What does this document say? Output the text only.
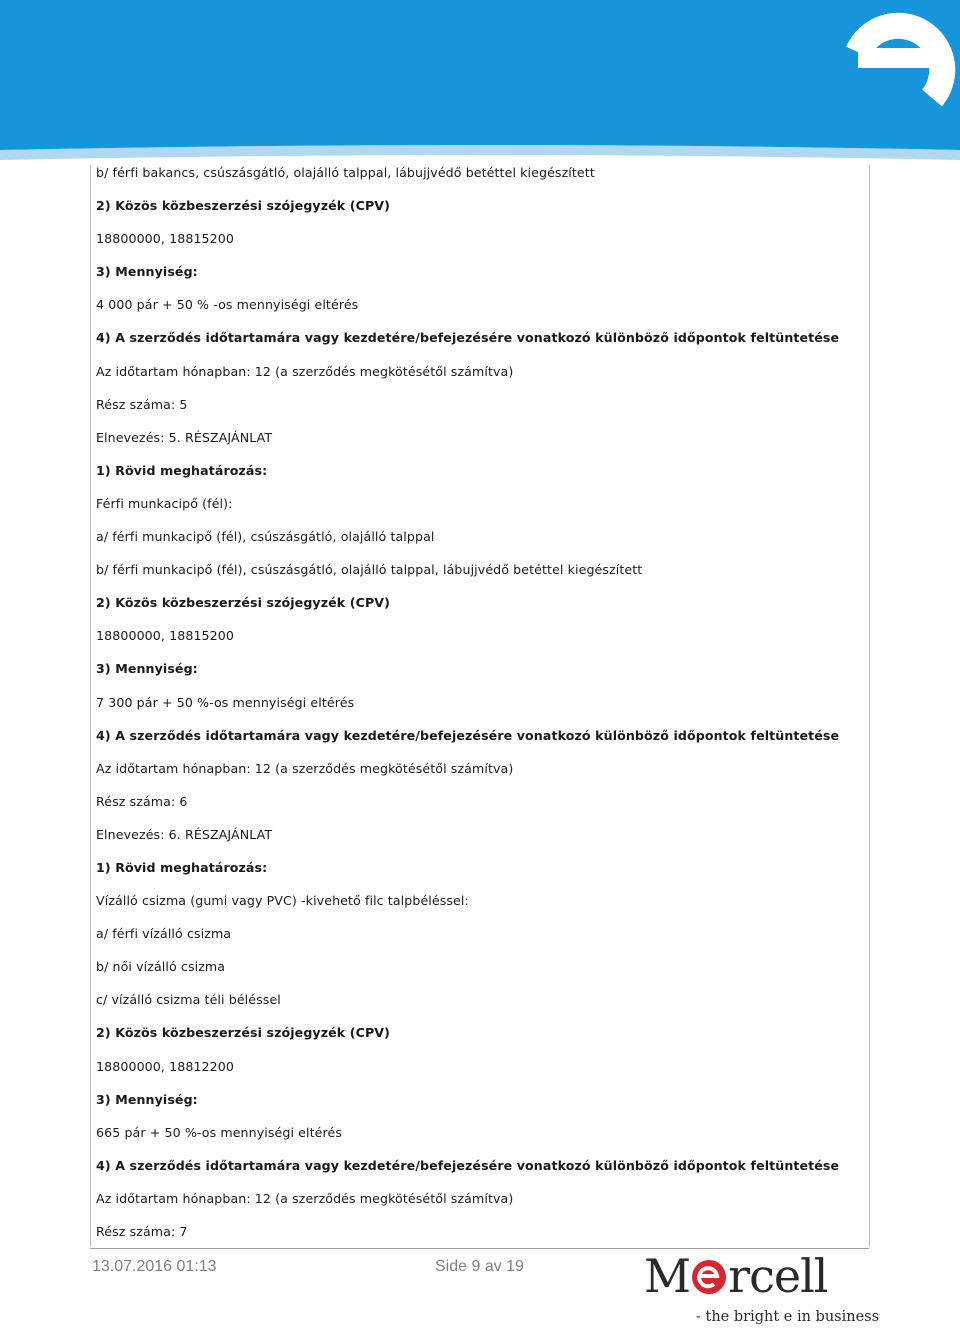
b/ férfi bakancs, csúszásgátló, olajálló talppal, lábujjvédő betéttel kiegészített
2) Közös közbeszerzési szójegyzék (CPV)
18800000, 18815200
3) Mennyiség:
4 000 pár + 50 % -os mennyiségi eltérés
4) A szerződés időtartamára vagy kezdetére/befejezésére vonatkozó különböző időpontok feltüntetése
Az időtartam hónapban: 12 (a szerződés megkötésétől számítva)
Rész száma: 5
Elnevezés: 5. RÉSZAJÁNLAT
1) Rövid meghatározás:
Férfi munkacipő (fél):
a/ férfi munkacipő (fél), csúszásgátló, olajálló talppal
b/ férfi munkacipő (fél), csúszásgátló, olajálló talppal, lábujjvédő betéttel kiegészített
2) Közös közbeszerzési szójegyzék (CPV)
18800000, 18815200
3) Mennyiség:
7 300 pár + 50 %-os mennyiségi eltérés
4) A szerződés időtartamára vagy kezdetére/befejezésére vonatkozó különböző időpontok feltüntetése
Az időtartam hónapban: 12 (a szerződés megkötésétől számítva)
Rész száma: 6
Elnevezés: 6. RÉSZAJÁNLAT
1) Rövid meghatározás:
Vízálló csizma (gumi vagy PVC) -kivehető filc talpbéléssel:
a/ férfi vízálló csizma
b/ női vízálló csizma
c/ vízálló csizma téli béléssel
2) Közös közbeszerzési szójegyzék (CPV)
18800000, 18812200
3) Mennyiség:
665 pár + 50 %-os mennyiségi eltérés
4) A szerződés időtartamára vagy kezdetére/befejezésére vonatkozó különböző időpontok feltüntetése
Az időtartam hónapban: 12 (a szerződés megkötésétől számítva)
Rész száma: 7
13.07.2016 01:13	Side 9 av 19	M rcell
- the bright e in business
